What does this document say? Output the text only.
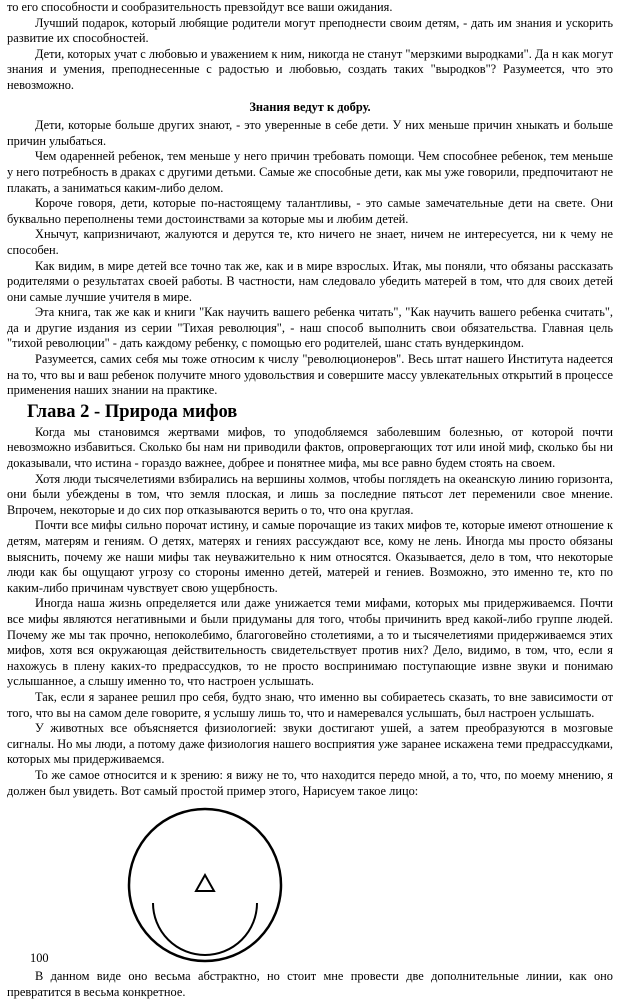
то его способности и сообразительность превзойдут все ваши ожидания.

Лучший подарок, который любящие родители могут преподнести своим детям, - дать им знания и ускорить развитие их способностей.

Дети, которых учат с любовью и уважением к ним, никогда не станут "мерзкими выродками". Да н как могут знания и умения, преподнесенные с радостью и любовью, создать таких "выродков"? Разумеется, что это невозможно.

Знания ведут к добру.

Дети, которые больше других знают, - это уверенные в себе дети. У них меньше причин хныкать и больше причин улыбаться.

Чем одаренней ребенок, тем меньше у него причин требовать помощи. Чем способнее ребенок, тем меньше у него потребность в драках с другими детьми. Самые же способные дети, как мы уже говорили, предпочитают не плакать, а заниматься каким-либо делом.

Короче говоря, дети, которые по-настоящему талантливы, - это самые замечательные дети на свете. Они буквально переполнены теми достоинствами за которые мы и любим детей.

Хнычут, капризничают, жалуются и дерутся те, кто ничего не знает, ничем не интересуется, ни к чему не способен.

Как видим, в мире детей все точно так же, как и в мире взрослых. Итак, мы поняли, что обязаны рассказать родителями о результатах своей работы. В частности, нам следовало убедить матерей в том, что для своих детей они самые лучшие учителя в мире.

Эта книга, так же как и книги "Как научить вашего ребенка читать", "Как научить вашего ребенка считать", да и другие издания из серии "Тихая революция", - наш способ выполнить свои обязательства. Главная цель "тихой революции" - дать каждому ребенку, с помощью его родителей, шанс стать вундеркиндом.

Разумеется, самих себя мы тоже относим к числу "революционеров". Весь штат нашего Института надеется на то, что вы и ваш ребенок получите много удовольствия и совершите массу увлекательных открытий в процессе применения наших знании на практике.

Глава 2 - Природа мифов

Когда мы становимся жертвами мифов, то уподобляемся заболевшим болезнью, от которой почти невозможно избавиться. Сколько бы нам ни приводили фактов, опровергающих тот или иной миф, сколько бы ни доказывали, что истина - гораздо важнее, добрее и понятнее мифа, мы все равно будем стоять на своем.

Хотя люди тысячелетиями взбирались на вершины холмов, чтобы поглядеть на океанскую линию горизонта, они были убеждены в том, что земля плоская, и лишь за последние пятьсот лет переменили свое мнение. Впрочем, некоторые и до сих пор отказываются верить о то, что она круглая.

Почти все мифы сильно порочат истину, и самые порочащие из таких мифов те, которые имеют отношение к детям, матерям и гениям. О детях, матерях и гениях рассуждают все, кому не лень. Иногда мы просто обязаны выяснить, почему же наши мифы так неуважительно к ним относятся. Оказывается, дело в том, что некоторые люди как бы ощущают угрозу со стороны именно детей, матерей и гениев. Возможно, это именно те, кто по каким-либо причинам чувствует свою ущербность.

Иногда наша жизнь определяется или даже унижается теми мифами, которых мы придерживаемся. Почти все мифы являются негативными и были придуманы для того, чтобы причинить вред какой-либо группе людей. Почему же мы так прочно, непоколебимо, благоговейно столетиями, а то и тысячелетиями придерживаемся этих мифов, хотя вся окружающая действительность свидетельствует против них? Дело, видимо, в том, что, если я нахожусь в плену каких-то предрассудков, то не просто воспринимаю поступающие извне звуки и понимаю услышанное, а слышу именно то, что настроен услышать.

Так, если я заранее решил про себя, будто знаю, что именно вы собираетесь сказать, то вне зависимости от того, что вы на самом деле говорите, я услышу лишь то, что и намеревался услышать, был настроен услышать.

У животных все объясняется физиологией: звуки достигают ушей, а затем преобразуются в мозговые сигналы. Но мы люди, а потому даже физиология нашего восприятия уже заранее искажена теми предрассудками, которых мы придерживаемся.

То же самое относится и к зрению: я вижу не то, что находится передо мной, а то, что, по моему мнению, я должен был увидеть. Вот самый простой пример этого, Нарисуем такое лицо:

В данном виде оно весьма абстрактно, но стоит мне провести две дополнительные линии, как оно превратится в весьма конкретное.

100
